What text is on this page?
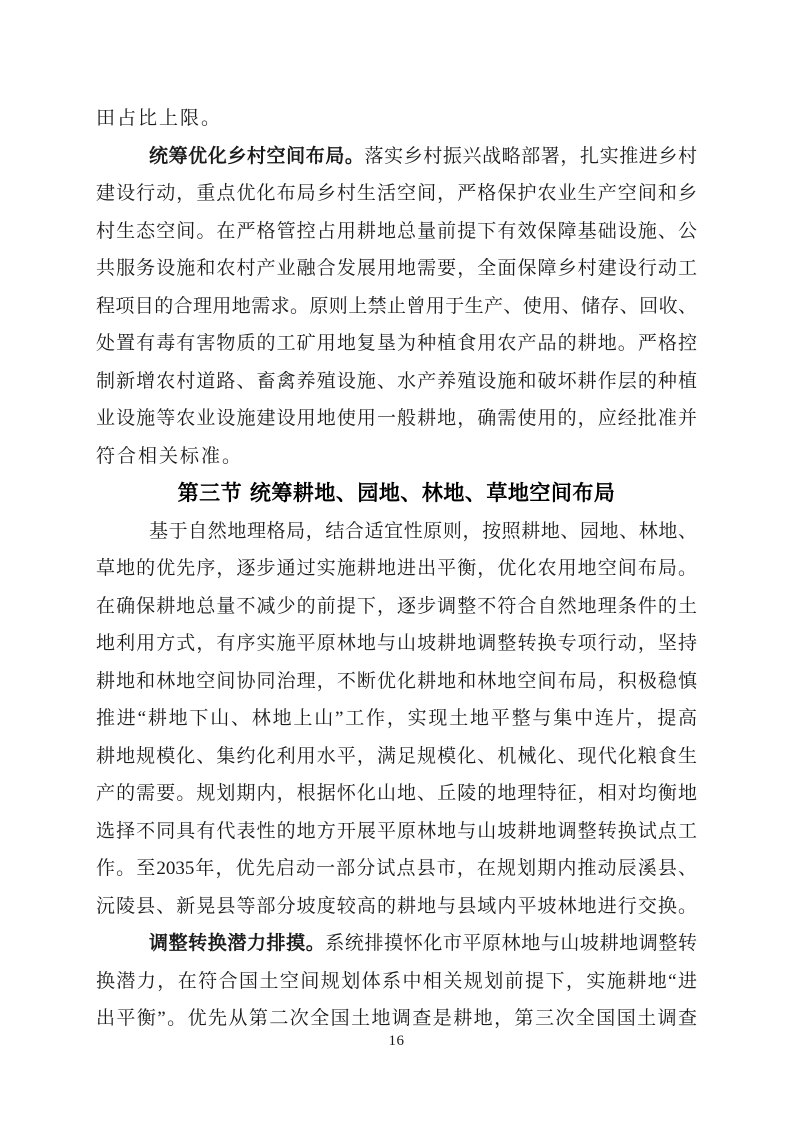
田占比上限。
统筹优化乡村空间布局。落实乡村振兴战略部署，扎实推进乡村
建设行动，重点优化布局乡村生活空间，严格保护农业生产空间和乡
村生态空间。在严格管控占用耕地总量前提下有效保障基础设施、公
共服务设施和农村产业融合发展用地需要，全面保障乡村建设行动工
程项目的合理用地需求。原则上禁止曾用于生产、使用、储存、回收、
处置有毒有害物质的工矿用地复垦为种植食用农产品的耕地。严格控
制新增农村道路、畜禽养殖设施、水产养殖设施和破坏耕作层的种植
业设施等农业设施建设用地使用一般耕地，确需使用的，应经批准并
符合相关标准。
第三节 统筹耕地、园地、林地、草地空间布局
基于自然地理格局，结合适宜性原则，按照耕地、园地、林地、
草地的优先序，逐步通过实施耕地进出平衡，优化农用地空间布局。
在确保耕地总量不减少的前提下，逐步调整不符合自然地理条件的土
地利用方式，有序实施平原林地与山坡耕地调整转换专项行动，坚持
耕地和林地空间协同治理，不断优化耕地和林地空间布局，积极稳慎
推进“耕地下山、林地上山”工作，实现土地平整与集中连片，提高
耕地规模化、集约化利用水平，满足规模化、机械化、现代化粮食生
产的需要。规划期内，根据怀化山地、丘陵的地理特征，相对均衡地
选择不同具有代表性的地方开展平原林地与山坡耕地调整转换试点工
作。至2035年，优先启动一部分试点县市，在规划期内推动辰溪县、
沅陵县、新晃县等部分坡度较高的耕地与县域内平坡林地进行交换。
调整转换潜力排摸。系统排摸怀化市平原林地与山坡耕地调整转
换潜力，在符合国土空间规划体系中相关规划前提下，实施耕地“进
出平衡”。优先从第二次全国土地调查是耕地，第三次全国国土调查
16
